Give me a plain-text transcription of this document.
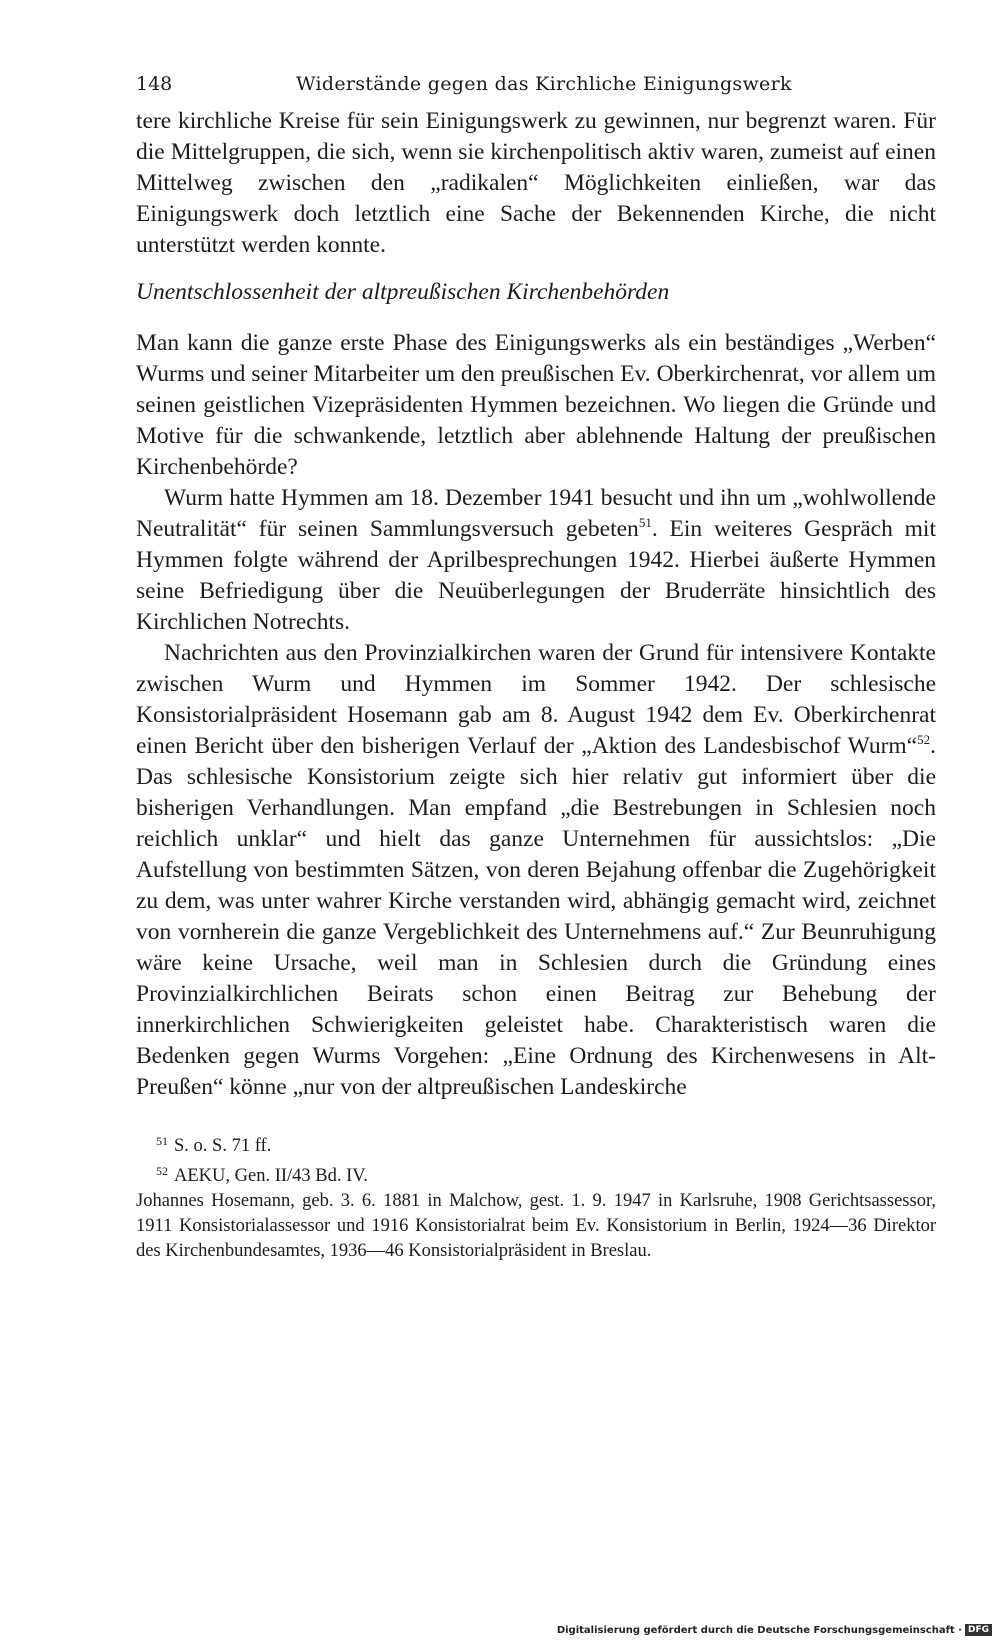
148	Widerstände gegen das Kirchliche Einigungswerk

tere kirchliche Kreise für sein Einigungswerk zu gewinnen, nur begrenzt waren. Für die Mittelgruppen, die sich, wenn sie kirchenpolitisch aktiv waren, zumeist auf einen Mittelweg zwischen den „radikalen“ Möglichkeiten einließen, war das Einigungswerk doch letztlich eine Sache der Bekennenden Kirche, die nicht unterstützt werden konnte.

Unentschlossenheit der altpreußischen Kirchenbehörden

Man kann die ganze erste Phase des Einigungswerks als ein beständiges „Werben“ Wurms und seiner Mitarbeiter um den preußischen Ev. Oberkirchenrat, vor allem um seinen geistlichen Vizepräsidenten Hymmen bezeichnen. Wo liegen die Gründe und Motive für die schwankende, letztlich aber ablehnende Haltung der preußischen Kirchenbehörde?

Wurm hatte Hymmen am 18. Dezember 1941 besucht und ihn um „wohlwollende Neutralität“ für seinen Sammlungsversuch gebeten$^{51}$. Ein weiteres Gespräch mit Hymmen folgte während der Aprilbesprechungen 1942. Hierbei äußerte Hymmen seine Befriedigung über die Neuüberlegungen der Bruderräte hinsichtlich des Kirchlichen Notrechts.

Nachrichten aus den Provinzialkirchen waren der Grund für intensivere Kontakte zwischen Wurm und Hymmen im Sommer 1942. Der schlesische Konsistorialpräsident Hosemann gab am 8. August 1942 dem Ev. Oberkirchenrat einen Bericht über den bisherigen Verlauf der „Aktion des Landesbischof Wurm“$^{52}$. Das schlesische Konsistorium zeigte sich hier relativ gut informiert über die bisherigen Verhandlungen. Man empfand „die Bestrebungen in Schlesien noch reichlich unklar“ und hielt das ganze Unternehmen für aussichtslos: „Die Aufstellung von bestimmten Sätzen, von deren Bejahung offenbar die Zugehörigkeit zu dem, was unter wahrer Kirche verstanden wird, abhängig gemacht wird, zeichnet von vornherein die ganze Vergeblichkeit des Unternehmens auf.“ Zur Beunruhigung wäre keine Ursache, weil man in Schlesien durch die Gründung eines Provinzialkirchlichen Beirats schon einen Beitrag zur Behebung der innerkirchlichen Schwierigkeiten geleistet habe. Charakteristisch waren die Bedenken gegen Wurms Vorgehen: „Eine Ordnung des Kirchenwesens in Alt-Preußen“ könne „nur von der altpreußischen Landeskirche

$^{51}$ S. o. S. 71 ff.

$^{52}$ AEKU, Gen. II/43 Bd. IV.

Johannes Hosemann, geb. 3. 6. 1881 in Malchow, gest. 1. 9. 1947 in Karlsruhe, 1908 Gerichtsassessor, 1911 Konsistorialassessor und 1916 Konsistorialrat beim Ev. Konsistorium in Berlin, 1924—36 Direktor des Kirchenbundesamtes, 1936—46 Konsistorialpräsident in Breslau.

Digitalisierung gefördert durch die Deutsche Forschungsgemeinschaft · DFG
